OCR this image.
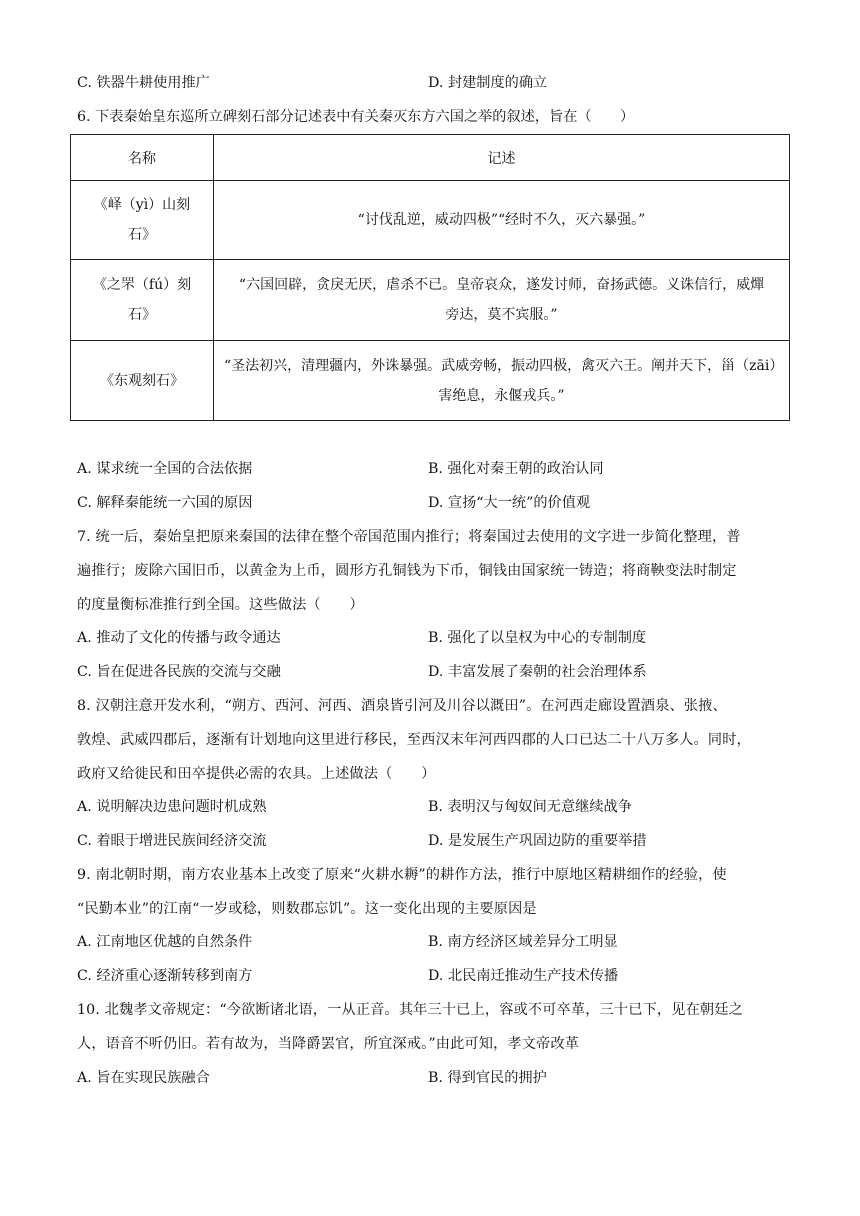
C. 铁器牛耕使用推广	D. 封建制度的确立
6. 下表秦始皇东巡所立碑刻石部分记述表中有关秦灭东方六国之举的叙述，旨在（　　）
名称	记述

《峄（yì）山刻
石》	“讨伐乱逆，威动四极”“经时不久，灭六暴强。”

《之罘（fú）刻
石》	“六国回辟，贪戾无厌，虐杀不已。皇帝哀众，遂发讨师，奋扬武德。义诛信行，威燀
旁达，莫不宾服。”

《东观刻石》	“圣法初兴，清理疆内，外诛暴强。武威旁畅，振动四极，禽灭六王。阐并天下，甾（zāi）
害绝息，永偃戎兵。”
A. 谋求统一全国的合法依据	B. 强化对秦王朝的政治认同
C. 解释秦能统一六国的原因	D. 宣扬“大一统”的价值观
7. 统一后，秦始皇把原来秦国的法律在整个帝国范围内推行；将秦国过去使用的文字进一步简化整理，普
遍推行；废除六国旧币，以黄金为上币，圆形方孔铜钱为下币，铜钱由国家统一铸造；将商鞅变法时制定
的度量衡标准推行到全国。这些做法（　　）
A. 推动了文化的传播与政令通达	B. 强化了以皇权为中心的专制制度
C. 旨在促进各民族的交流与交融	D. 丰富发展了秦朝的社会治理体系
8. 汉朝注意开发水利，“朔方、西河、河西、酒泉皆引河及川谷以溉田”。在河西走廊设置酒泉、张掖、
敦煌、武威四郡后，逐渐有计划地向这里进行移民，至西汉末年河西四郡的人口已达二十八万多人。同时，
政府又给徙民和田卒提供必需的农具。上述做法（　　）
A. 说明解决边患问题时机成熟	B. 表明汉与匈奴间无意继续战争
C. 着眼于增进民族间经济交流	D. 是发展生产巩固边防的重要举措
9. 南北朝时期，南方农业基本上改变了原来“火耕水耨”的耕作方法，推行中原地区精耕细作的经验，使
“民勤本业”的江南“一岁或稔，则数郡忘饥”。这一变化出现的主要原因是
A. 江南地区优越的自然条件	B. 南方经济区域差异分工明显
C. 经济重心逐渐转移到南方	D. 北民南迁推动生产技术传播
10. 北魏孝文帝规定：“今欲断诸北语，一从正音。其年三十已上，容或不可卒革，三十已下，见在朝廷之
人，语音不听仍旧。若有故为，当降爵罢官，所宜深戒。”由此可知，孝文帝改革
A. 旨在实现民族融合	B. 得到官民的拥护
